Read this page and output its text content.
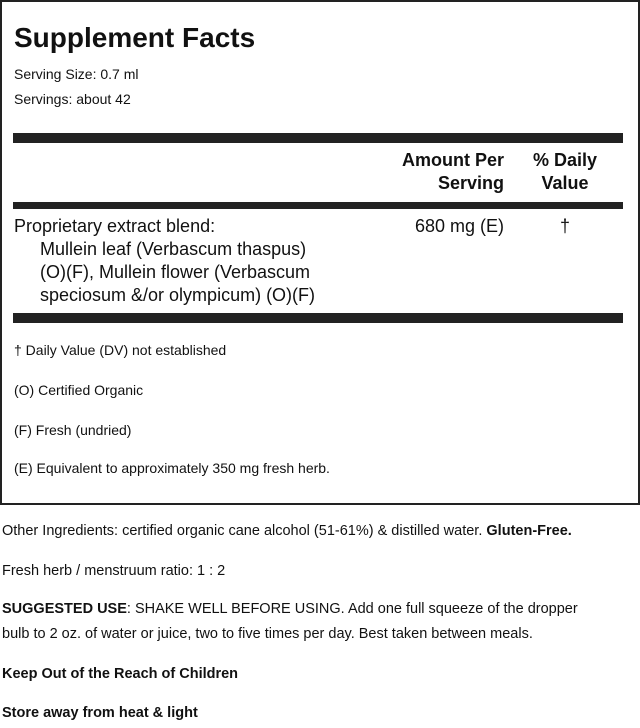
Supplement Facts
Serving Size: 0.7 ml
Servings: about 42
Amount Per
Serving
% Daily
Value
Proprietary extract blend:
Mullein leaf (Verbascum thaspus)
(O)(F), Mullein flower (Verbascum
speciosum &/or olympicum) (O)(F)
680 mg (E)	†
† Daily Value (DV) not established
(O) Certified Organic
(F) Fresh (undried)
(E) Equivalent to approximately 350 mg fresh herb.
Other Ingredients: certified organic cane alcohol (51-61%) & distilled water. Gluten-Free.
Fresh herb / menstruum ratio: 1 : 2
SUGGESTED USE: SHAKE WELL BEFORE USING. Add one full squeeze of the dropper
bulb to 2 oz. of water or juice, two to five times per day. Best taken between meals.
Keep Out of the Reach of Children
Store away from heat & light
